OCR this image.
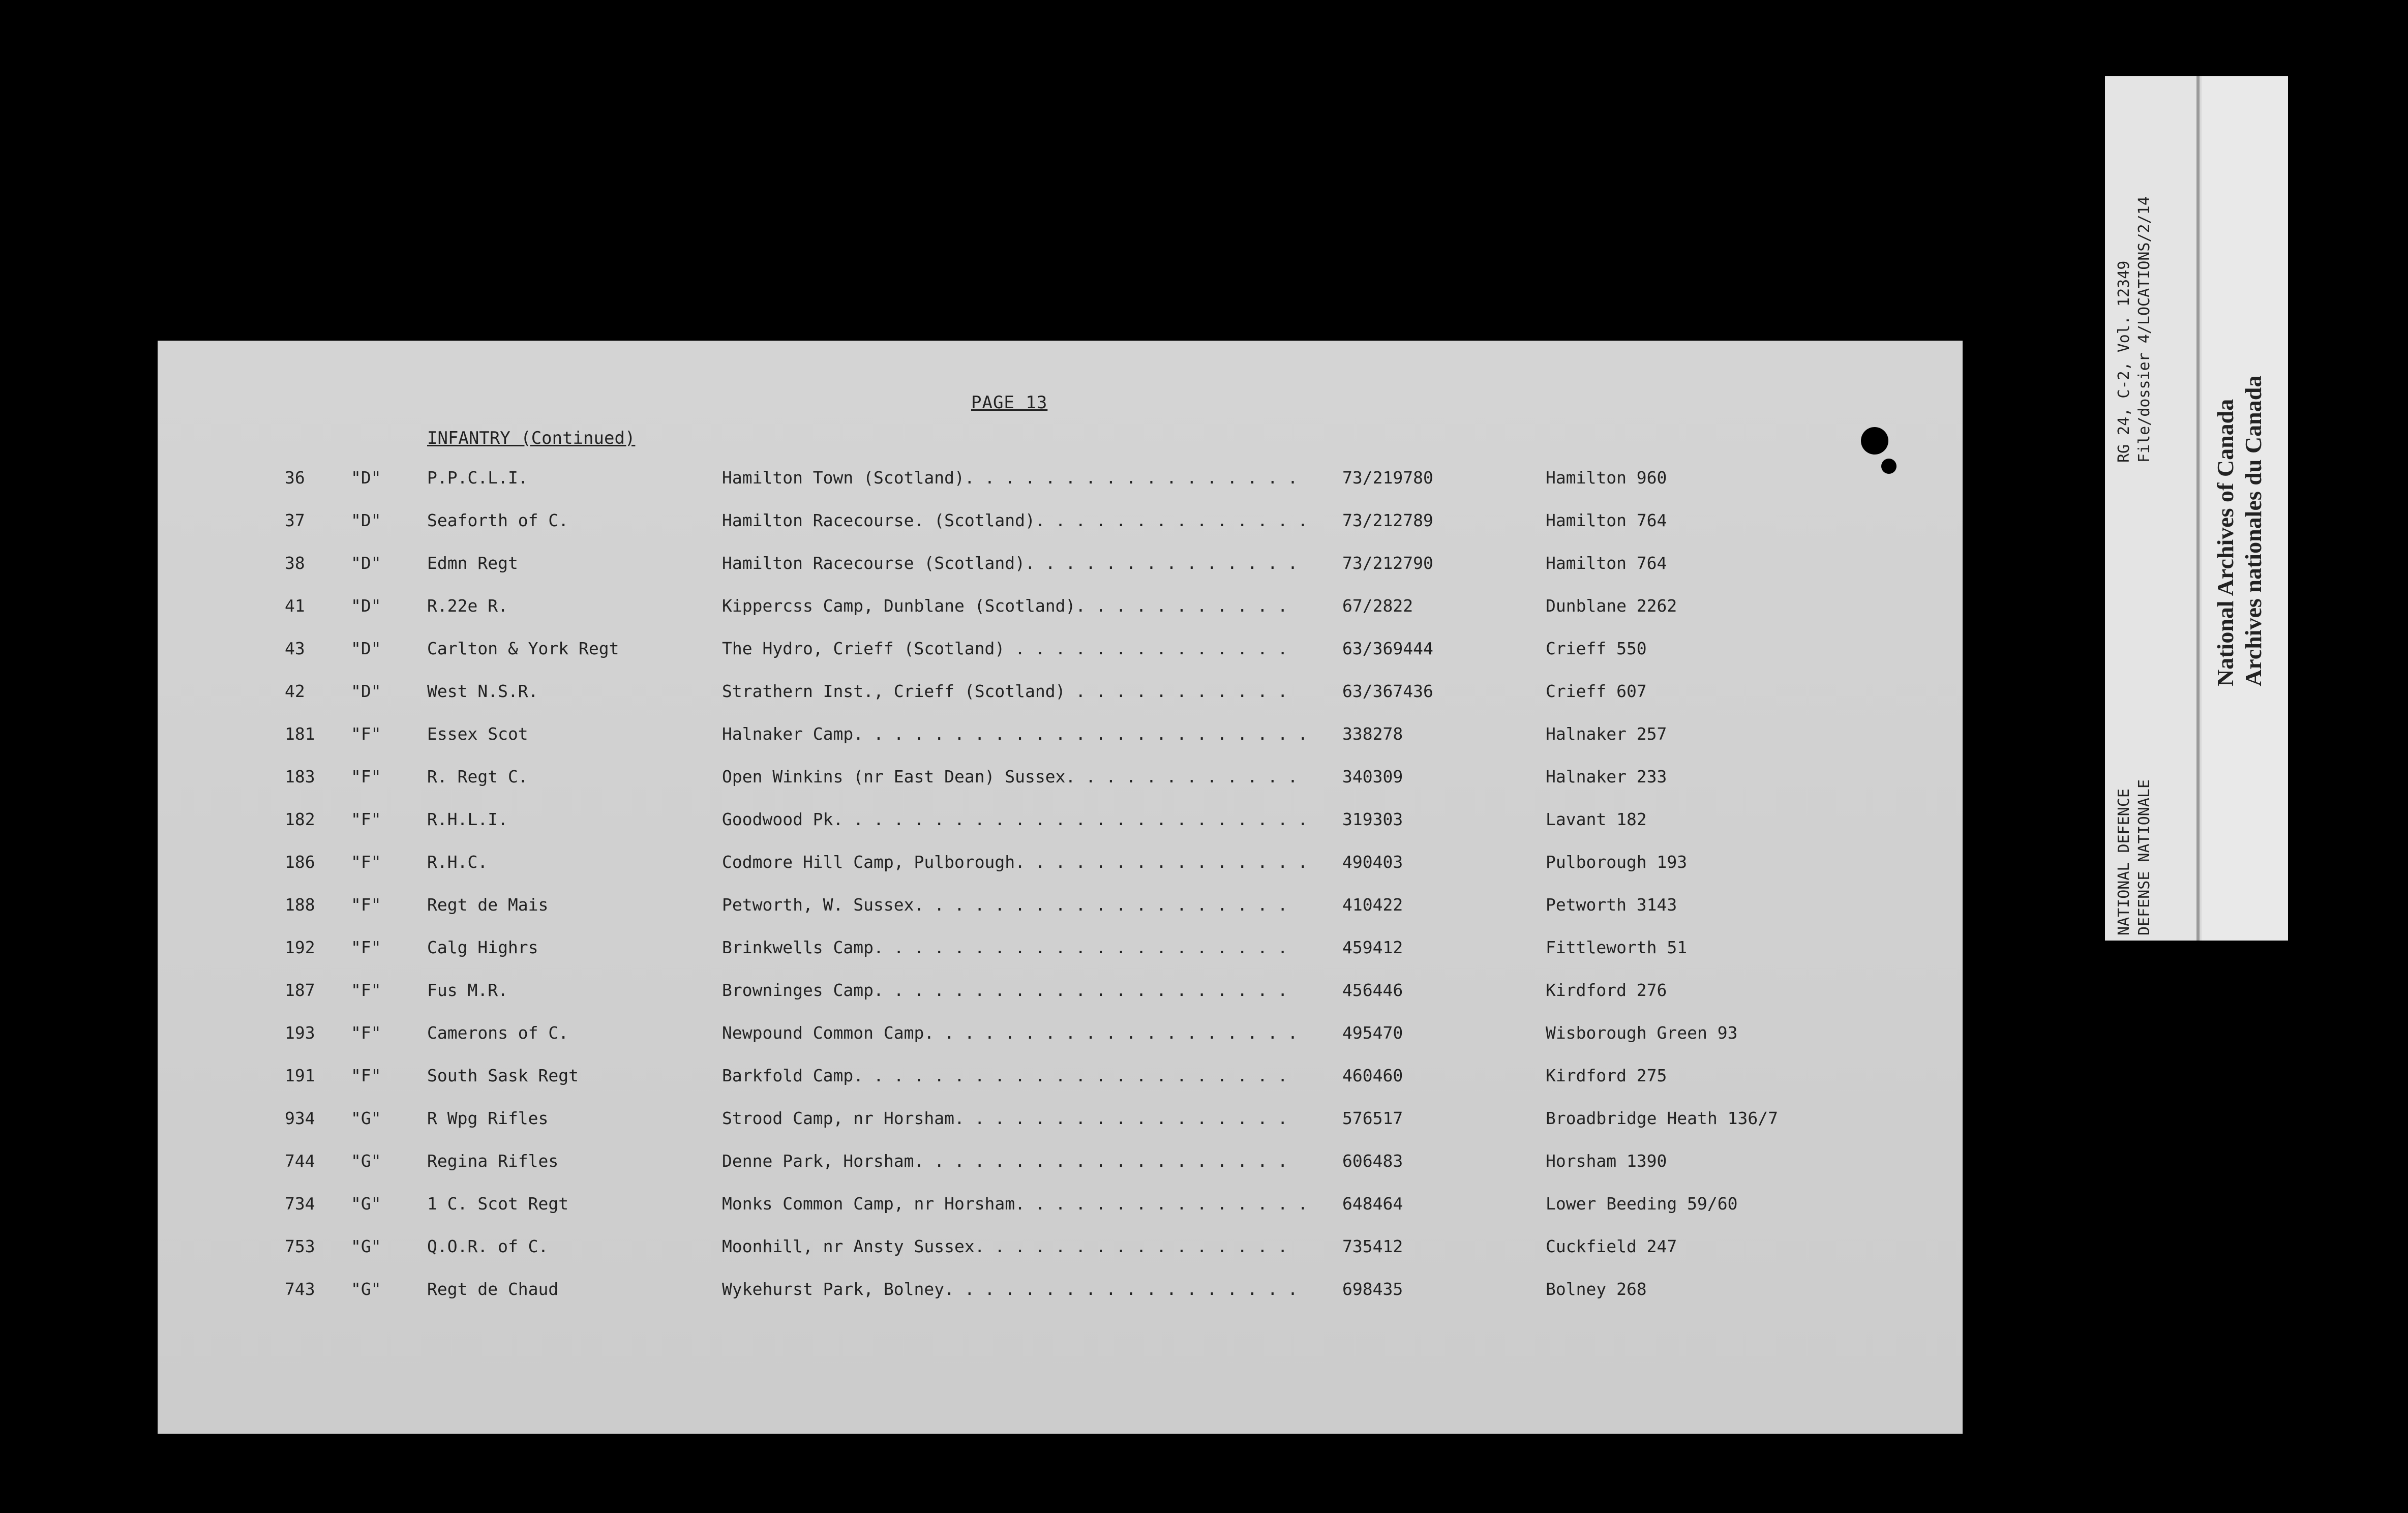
PAGE 13
INFANTRY (Continued)
36	"D"	P.P.C.L.I.	Hamilton Town (Scotland). . . . . . . . . . . . . . . . .	73/219780	Hamilton 960
37	"D"	Seaforth of C.	Hamilton Racecourse. (Scotland). . . . . . . . . . . . . .	73/212789	Hamilton 764
38	"D"	Edmn Regt	Hamilton Racecourse (Scotland). . . . . . . . . . . . . .	73/212790	Hamilton 764
41	"D"	R.22e R.	Kippercss Camp, Dunblane (Scotland). . . . . . . . . . .	67/2822	Dunblane 2262
43	"D"	Carlton & York Regt	The Hydro, Crieff (Scotland) . . . . . . . . . . . . . .	63/369444	Crieff 550
42	"D"	West N.S.R.	Strathern Inst., Crieff (Scotland) . . . . . . . . . . .	63/367436	Crieff 607
181	"F"	Essex Scot	Halnaker Camp. . . . . . . . . . . . . . . . . . . . . . .	338278	Halnaker 257
183	"F"	R. Regt C.	Open Winkins (nr East Dean) Sussex. . . . . . . . . . . .	340309	Halnaker 233
182	"F"	R.H.L.I.	Goodwood Pk. . . . . . . . . . . . . . . . . . . . . . . .	319303	Lavant 182
186	"F"	R.H.C.	Codmore Hill Camp, Pulborough. . . . . . . . . . . . . . .	490403	Pulborough 193
188	"F"	Regt de Mais	Petworth, W. Sussex. . . . . . . . . . . . . . . . . . .	410422	Petworth 3143
192	"F"	Calg Highrs	Brinkwells Camp. . . . . . . . . . . . . . . . . . . . .	459412	Fittleworth 51
187	"F"	Fus M.R.	Browninges Camp. . . . . . . . . . . . . . . . . . . . .	456446	Kirdford 276
193	"F"	Camerons of C.	Newpound Common Camp. . . . . . . . . . . . . . . . . . .	495470	Wisborough Green 93
191	"F"	South Sask Regt	Barkfold Camp. . . . . . . . . . . . . . . . . . . . . .	460460	Kirdford 275
934	"G"	R Wpg Rifles	Strood Camp, nr Horsham. . . . . . . . . . . . . . . . .	576517	Broadbridge Heath 136/7
744	"G"	Regina Rifles	Denne Park, Horsham. . . . . . . . . . . . . . . . . . .	606483	Horsham 1390
734	"G"	1 C. Scot Regt	Monks Common Camp, nr Horsham. . . . . . . . . . . . . . .	648464	Lower Beeding 59/60
753	"G"	Q.O.R. of C.	Moonhill, nr Ansty Sussex. . . . . . . . . . . . . . . .	735412	Cuckfield 247
743	"G"	Regt de Chaud	Wykehurst Park, Bolney. . . . . . . . . . . . . . . . . .	698435	Bolney 268
RG 24, C-2, Vol. 12349 File/dossier 4/LOCATIONS/2/14
NATIONAL DEFENCE DEFENSE NATIONALE
National Archives of Canada Archives nationales du Canada
